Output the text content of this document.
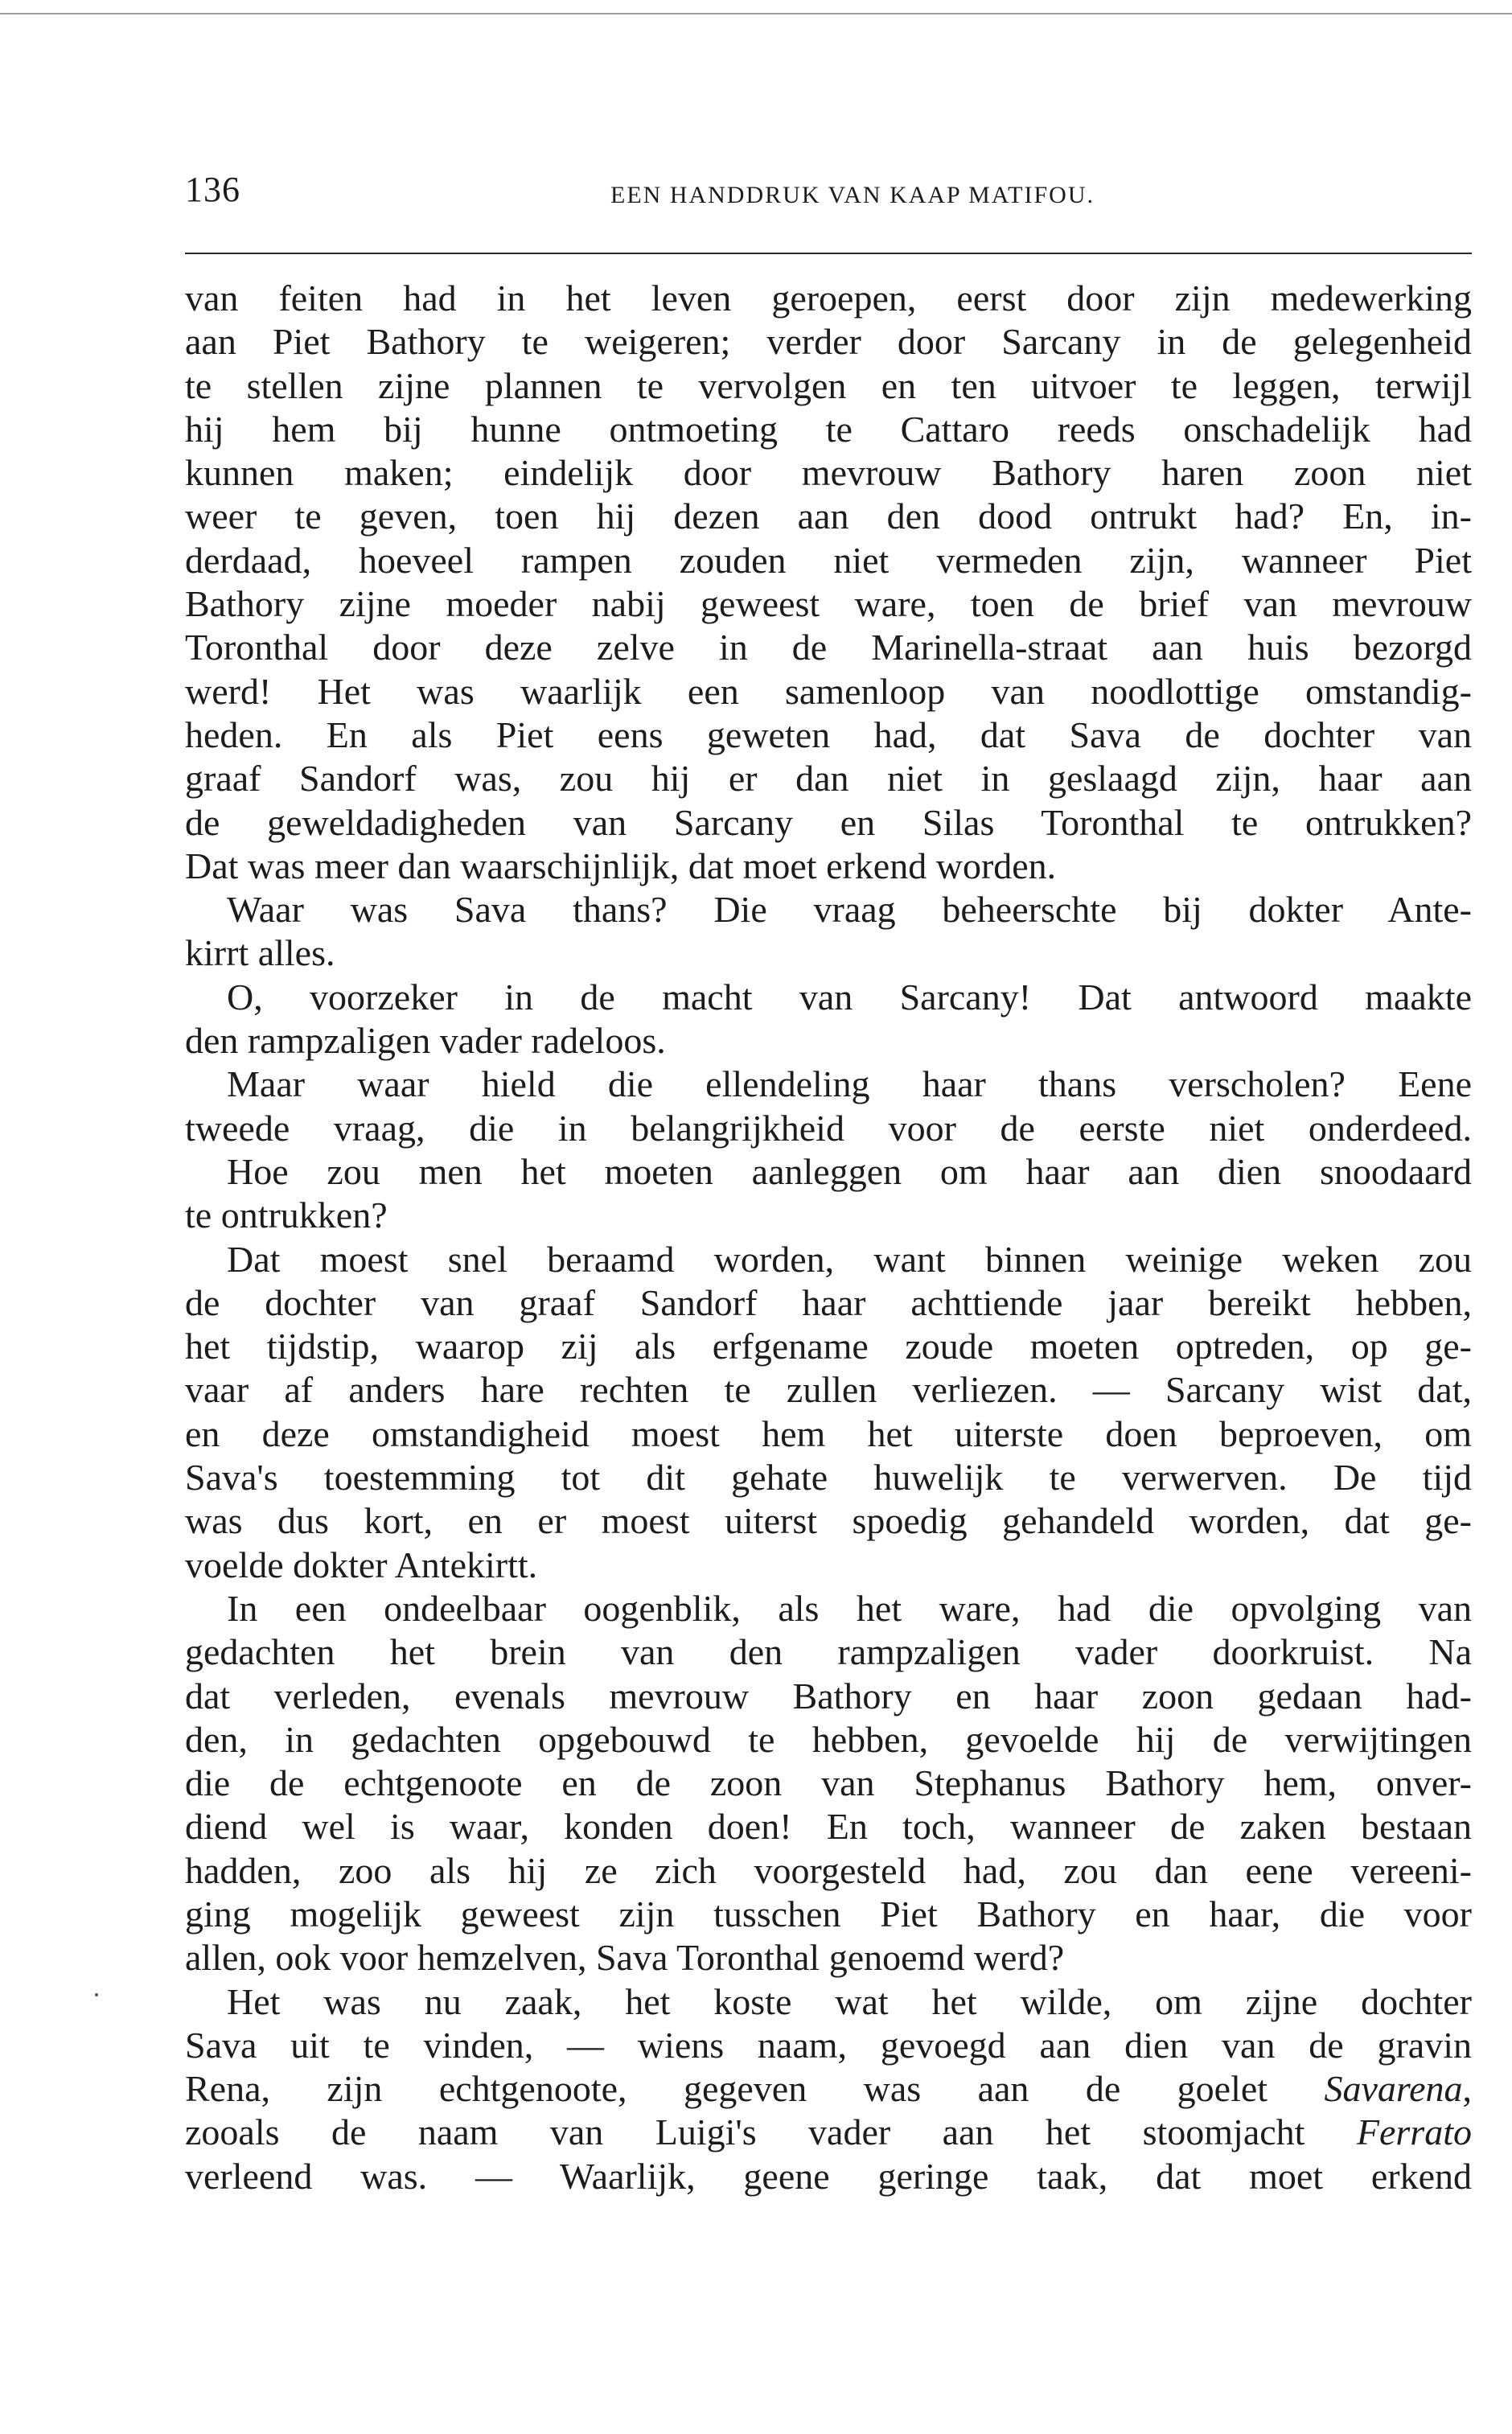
136	EEN HANDDRUK VAN KAAP MATIFOU.
van feiten had in het leven geroepen, eerst door zijn medewerking
aan Piet Bathory te weigeren; verder door Sarcany in de gelegenheid
te stellen zijne plannen te vervolgen en ten uitvoer te leggen, terwijl
hij hem bij hunne ontmoeting te Cattaro reeds onschadelijk had
kunnen maken; eindelijk door mevrouw Bathory haren zoon niet
weer te geven, toen hij dezen aan den dood ontrukt had? En, in-
derdaad, hoeveel rampen zouden niet vermeden zijn, wanneer Piet
Bathory zijne moeder nabij geweest ware, toen de brief van mevrouw
Toronthal door deze zelve in de Marinella-straat aan huis bezorgd
werd! Het was waarlijk een samenloop van noodlottige omstandig-
heden. En als Piet eens geweten had, dat Sava de dochter van
graaf Sandorf was, zou hij er dan niet in geslaagd zijn, haar aan
de geweldadigheden van Sarcany en Silas Toronthal te ontrukken?
Dat was meer dan waarschijnlijk, dat moet erkend worden.
Waar was Sava thans? Die vraag beheerschte bij dokter Ante-
kirrt alles.
O, voorzeker in de macht van Sarcany! Dat antwoord maakte
den rampzaligen vader radeloos.
Maar waar hield die ellendeling haar thans verscholen? Eene
tweede vraag, die in belangrijkheid voor de eerste niet onderdeed.
Hoe zou men het moeten aanleggen om haar aan dien snoodaard
te ontrukken?
Dat moest snel beraamd worden, want binnen weinige weken zou
de dochter van graaf Sandorf haar achttiende jaar bereikt hebben,
het tijdstip, waarop zij als erfgename zoude moeten optreden, op ge-
vaar af anders hare rechten te zullen verliezen. — Sarcany wist dat,
en deze omstandigheid moest hem het uiterste doen beproeven, om
Sava's toestemming tot dit gehate huwelijk te verwerven. De tijd
was dus kort, en er moest uiterst spoedig gehandeld worden, dat ge-
voelde dokter Antekirtt.
In een ondeelbaar oogenblik, als het ware, had die opvolging van
gedachten het brein van den rampzaligen vader doorkruist. Na
dat verleden, evenals mevrouw Bathory en haar zoon gedaan had-
den, in gedachten opgebouwd te hebben, gevoelde hij de verwijtingen
die de echtgenoote en de zoon van Stephanus Bathory hem, onver-
diend wel is waar, konden doen! En toch, wanneer de zaken bestaan
hadden, zoo als hij ze zich voorgesteld had, zou dan eene vereeni-
ging mogelijk geweest zijn tusschen Piet Bathory en haar, die voor
allen, ook voor hemzelven, Sava Toronthal genoemd werd?
Het was nu zaak, het koste wat het wilde, om zijne dochter
Sava uit te vinden, — wiens naam, gevoegd aan dien van de gravin
Rena, zijn echtgenoote, gegeven was aan de goelet Savarena,
zooals de naam van Luigi's vader aan het stoomjacht Ferrato
verleend was. — Waarlijk, geene geringe taak, dat moet erkend
